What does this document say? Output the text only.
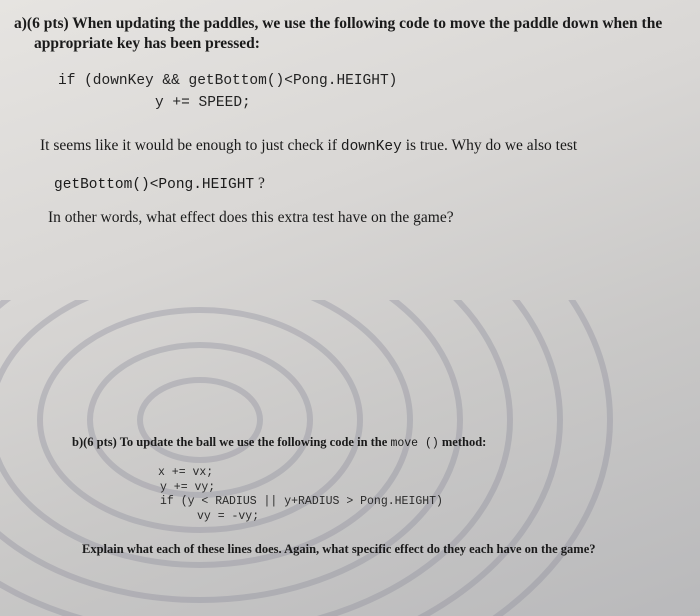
a)(6 pts) When updating the paddles, we use the following code to move the paddle down when the
appropriate key has been pressed:
if (downKey && getBottom()<Pong.HEIGHT)
y += SPEED;
It seems like it would be enough to just check if downKey is true. Why do we also test
getBottom()<Pong.HEIGHT ?
In other words, what effect does this extra test have on the game?
b)(6 pts) To update the ball we use the following code in the move () method:
x += vx;
y += vy;
if (y < RADIUS || y+RADIUS > Pong.HEIGHT)
vy = -vy;
Explain what each of these lines does. Again, what specific effect do they each have on the game?
